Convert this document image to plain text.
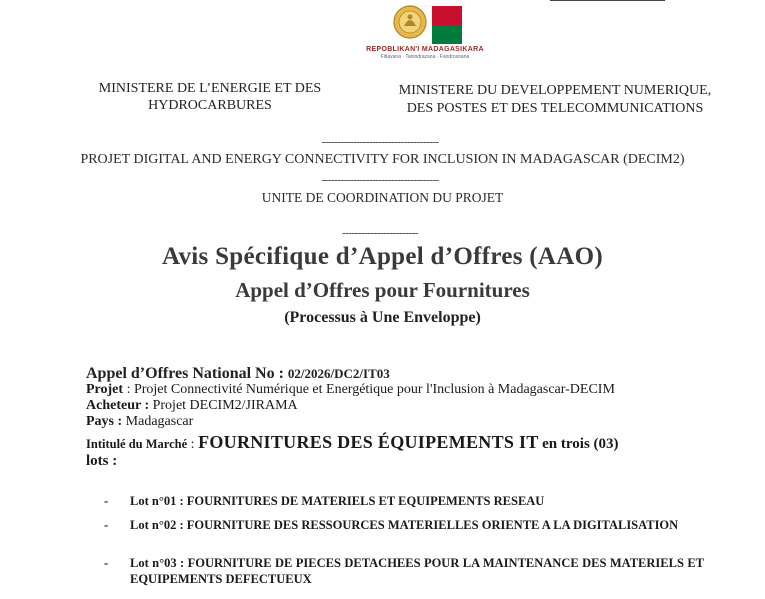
REPOBLIKAN'I MADAGASIKARA
Fitiavana · Tanindrazana · Fandrosoana
MINISTERE DE L’ENERGIE ET DES
HYDROCARBURES
MINISTERE DU DEVELOPPEMENT NUMERIQUE,
DES POSTES ET DES TELECOMMUNICATIONS
-------------------------------------
PROJET DIGITAL AND ENERGY CONNECTIVITY FOR INCLUSION IN MADAGASCAR (DECIM2)
-------------------------------------
UNITE DE COORDINATION DU PROJET
------------------------
Avis Spécifique d’Appel d’Offres (AAO)
Appel d’Offres pour Fournitures
(Processus à Une Enveloppe)
Appel d’Offres National No : 02/2026/DC2/IT03
Projet : Projet Connectivité Numérique et Energétique pour l'Inclusion à Madagascar-DECIM
Acheteur : Projet DECIM2/JIRAMA
Pays : Madagascar
Intitulé du Marché : FOURNITURES DES ÉQUIPEMENTS IT en trois (03)
lots :
- Lot n°01 : FOURNITURES DE MATERIELS ET EQUIPEMENTS RESEAU
- Lot n°02 : FOURNITURE DES RESSOURCES MATERIELLES ORIENTE A LA DIGITALISATION
- Lot n°03 : FOURNITURE DE PIECES DETACHEES POUR LA MAINTENANCE DES MATERIELS ET EQUIPEMENTS DEFECTUEUX
